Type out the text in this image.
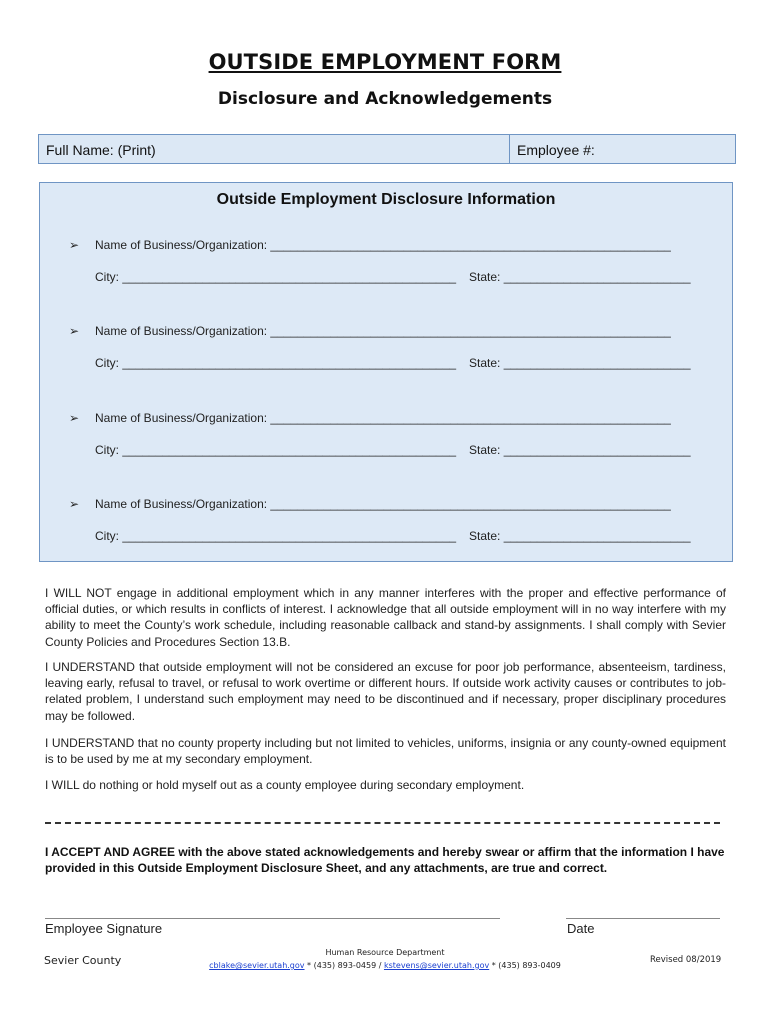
OUTSIDE EMPLOYMENT FORM
Disclosure and Acknowledgements
Full Name: (Print)	Employee #:
Outside Employment Disclosure Information
➢ Name of Business/Organization: ____________________________________________________________
City: __________________________________________________ State: ____________________________
➢ Name of Business/Organization: ____________________________________________________________
City: __________________________________________________ State: ____________________________
➢ Name of Business/Organization: ____________________________________________________________
City: __________________________________________________ State: ____________________________
➢ Name of Business/Organization: ____________________________________________________________
City: __________________________________________________ State: ____________________________
I WILL NOT engage in additional employment which in any manner interferes with the proper and effective performance of official duties, or which results in conflicts of interest. I acknowledge that all outside employment will in no way interfere with my ability to meet the County’s work schedule, including reasonable callback and stand-by assignments. I shall comply with Sevier County Policies and Procedures Section 13.B.
I UNDERSTAND that outside employment will not be considered an excuse for poor job performance, absenteeism, tardiness, leaving early, refusal to travel, or refusal to work overtime or different hours. If outside work activity causes or contributes to job-related problem, I understand such employment may need to be discontinued and if necessary, proper disciplinary procedures may be followed.
I UNDERSTAND that no county property including but not limited to vehicles, uniforms, insignia or any county-owned equipment is to be used by me at my secondary employment.
I WILL do nothing or hold myself out as a county employee during secondary employment.
I ACCEPT AND AGREE with the above stated acknowledgements and hereby swear or affirm that the information I have provided in this Outside Employment Disclosure Sheet, and any attachments, are true and correct.
Employee Signature	Date
Sevier County
Human Resource Department
cblake@sevier.utah.gov * (435) 893-0459 / kstevens@sevier.utah.gov * (435) 893-0409
Revised 08/2019
